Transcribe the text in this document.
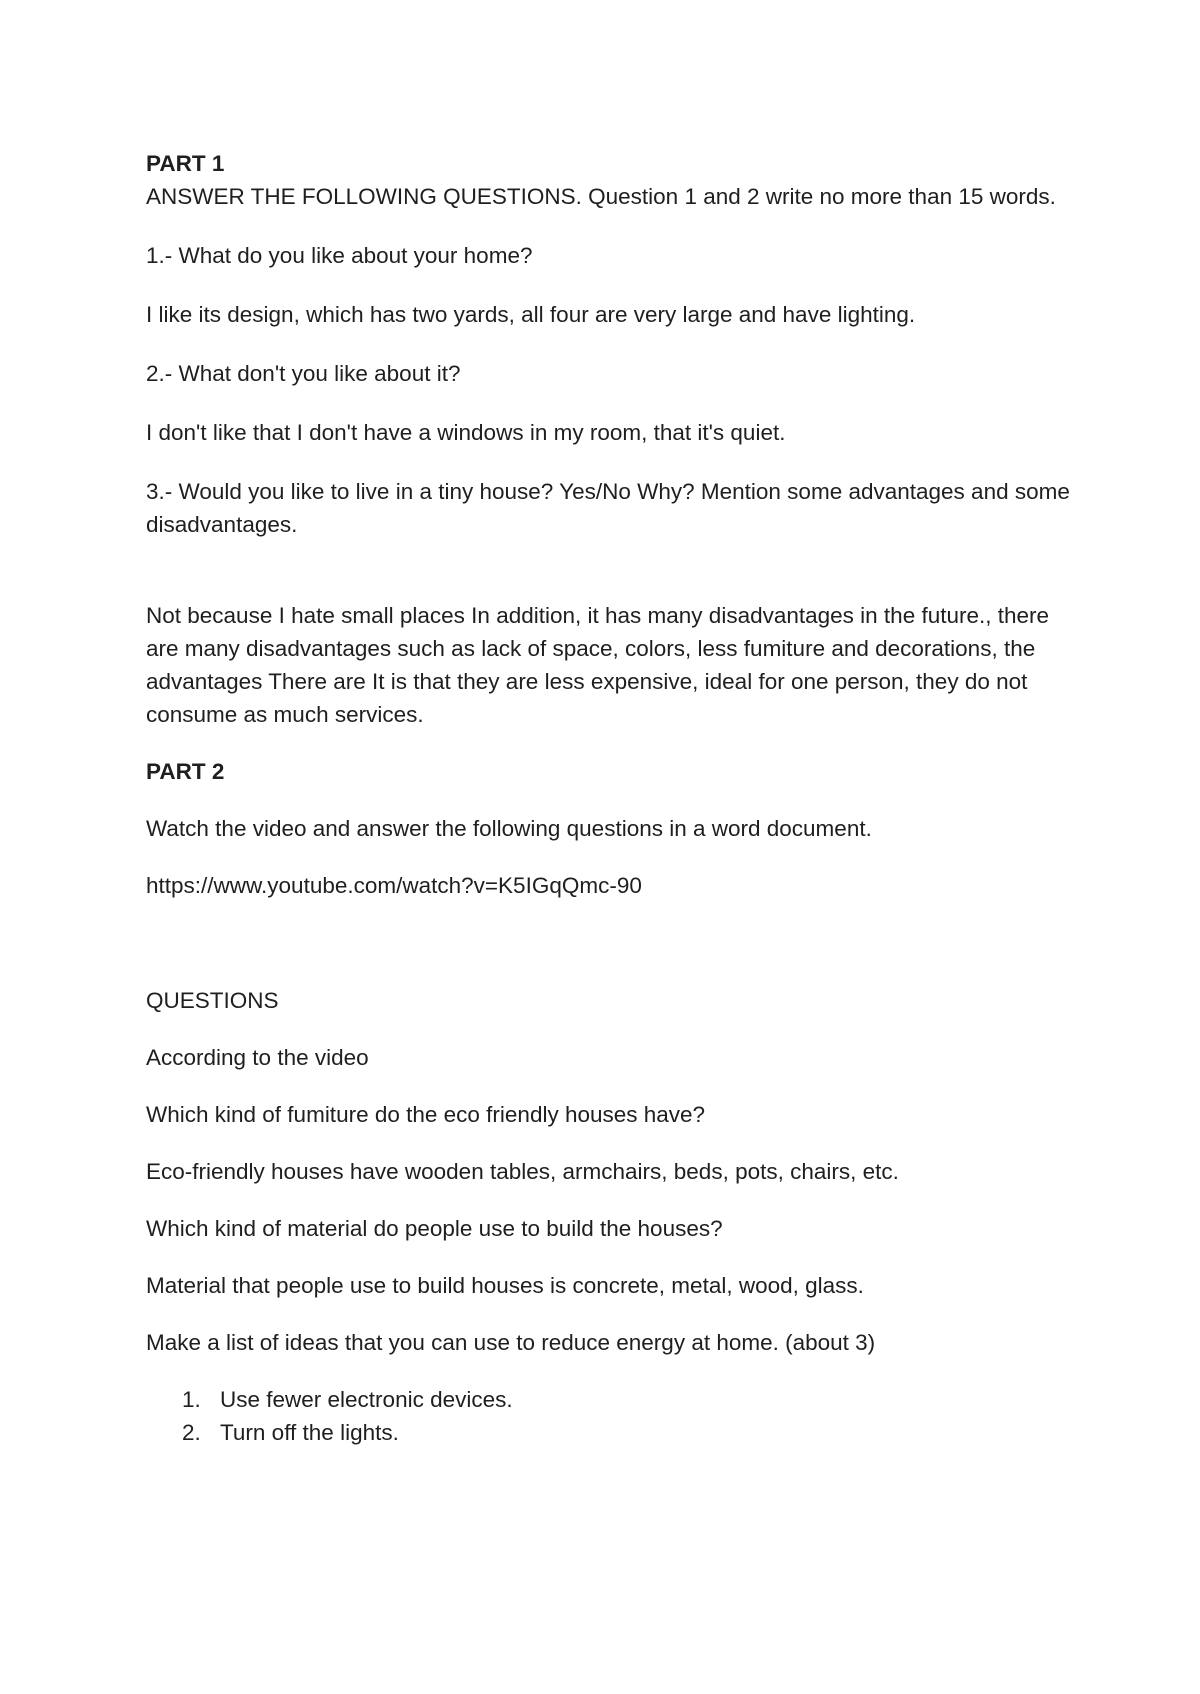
PART 1

ANSWER THE FOLLOWING QUESTIONS. Question 1 and 2 write no more than 15 words.

1.- What do you like about your home?

I like its design, which has two yards, all four are very large and have lighting.

2.- What don't you like about it?

I don't like that I don't have a windows in my room, that it's quiet.

3.- Would you like to live in a tiny house? Yes/No Why? Mention some advantages and some disadvantages.

Not because I hate small places In addition, it has many disadvantages in the future., there are many disadvantages such as lack of space, colors, less fumiture and decorations, the advantages There are It is that they are less expensive, ideal for one person, they do not consume as much services.

PART 2

Watch the video and answer the following questions in a word document.

https://www.youtube.com/watch?v=K5IGqQmc-90

QUESTIONS

According to the video

Which kind of fumiture do the eco friendly houses have?

Eco-friendly houses have wooden tables, armchairs, beds, pots, chairs, etc.

Which kind of material do people use to build the houses?

Material that people use to build houses is concrete, metal, wood, glass.

Make a list of ideas that you can use to reduce energy at home. (about 3)

1. Use fewer electronic devices.
2. Turn off the lights.
